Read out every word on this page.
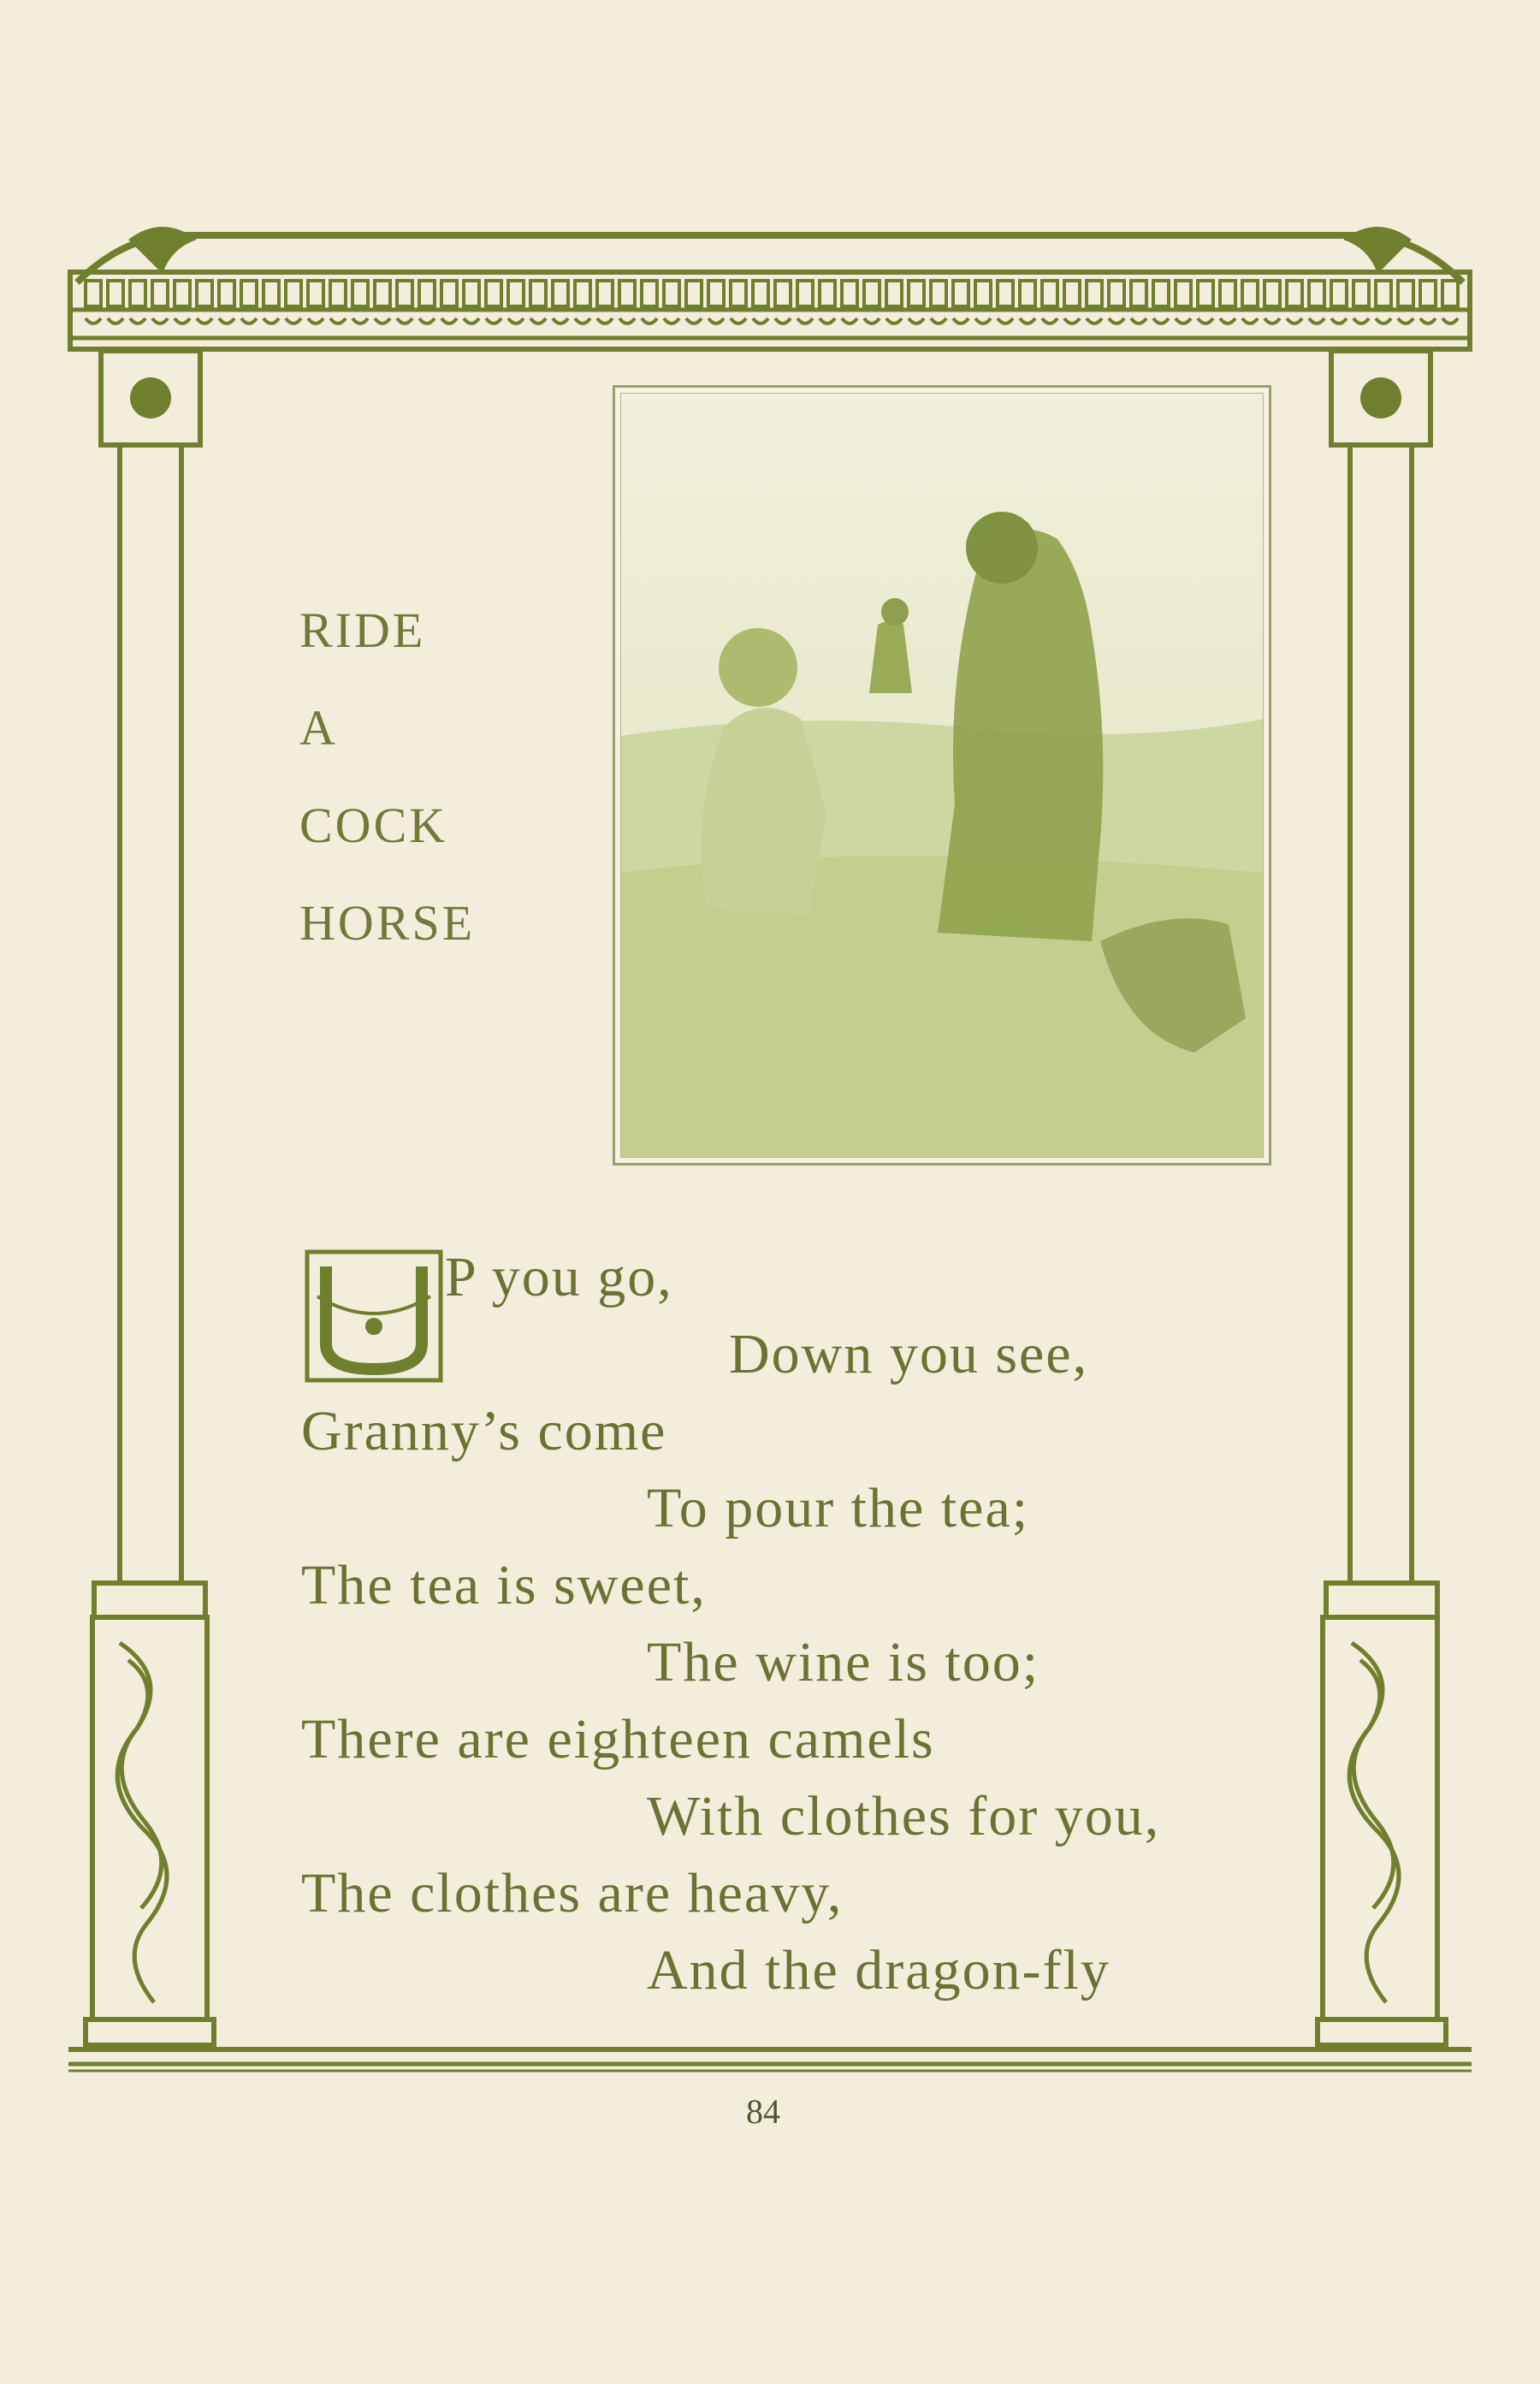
RIDE
A
COCK
HORSE
U
P you go,
Down you see,
Granny’s come
To pour the tea;
The tea is sweet,
The wine is too;
There are eighteen camels
With clothes for you,
The clothes are heavy,
And the dragon-fly
84
